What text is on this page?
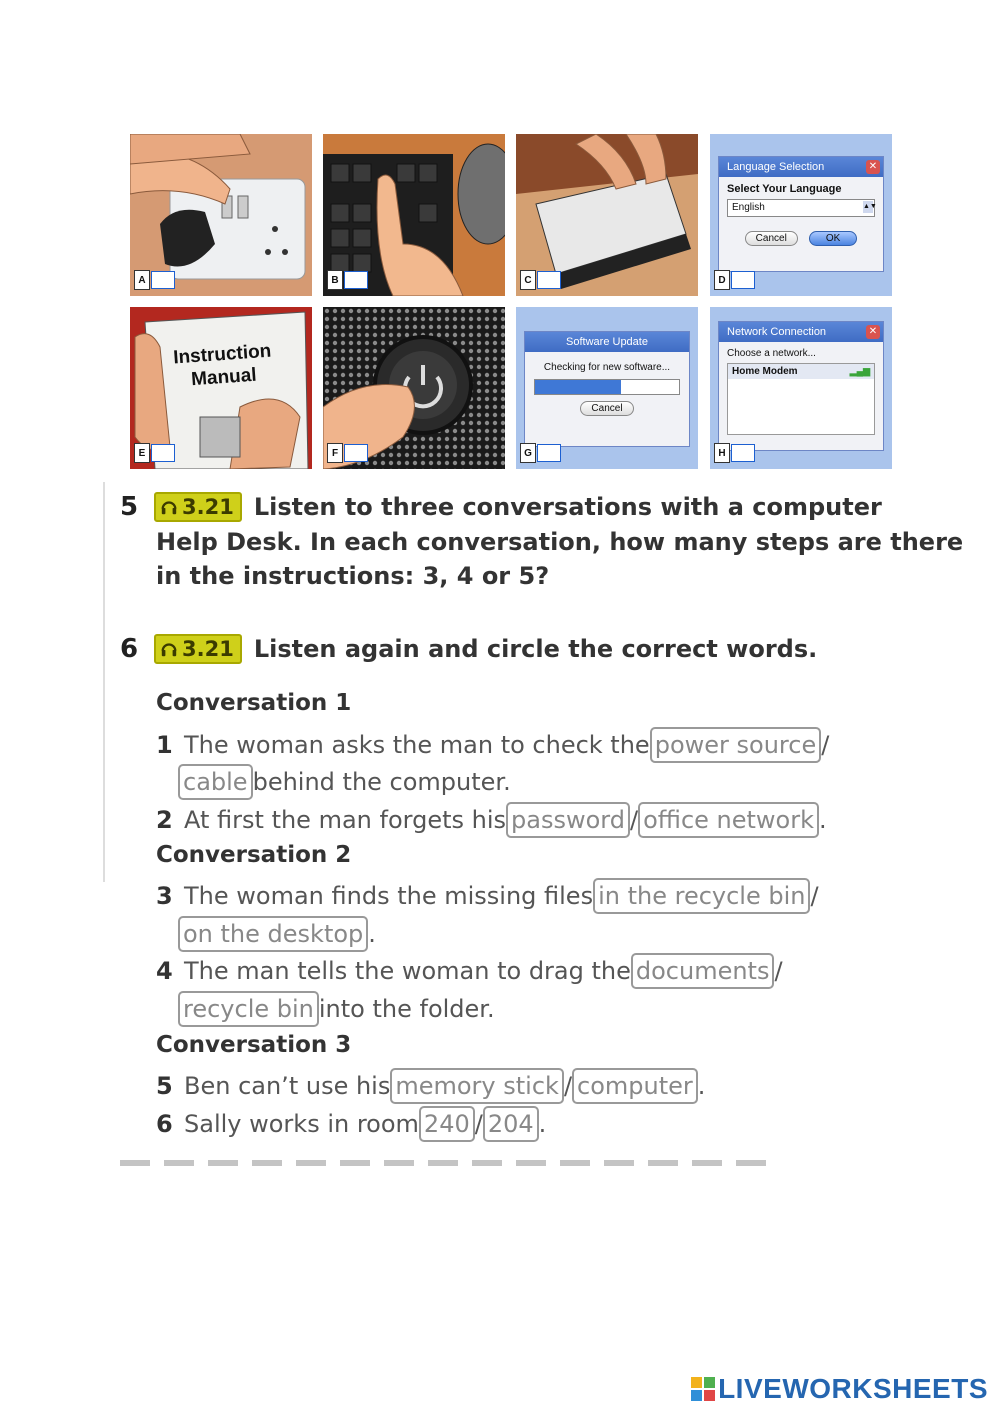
A	B	C
Language Selection	✕
Select Your Language
English	▲▼
Cancel	OK
D
Instruction
Manual
E	F
Software Update
Checking for new software...
Cancel
G
Network Connection	✕
Choose a network...
Home Modem	▂▄▆
H
5	3.21 Listen to three conversations with a computer
Help Desk. In each conversation, how many steps are there
in the instructions: 3, 4 or 5?
6	3.21 Listen again and circle the correct words.
Conversation 1
1 The woman asks the man to check the power source /
cable behind the computer.
2 At first the man forgets his password / office network .
Conversation 2
3 The woman finds the missing files in the recycle bin /
on the desktop .
4 The man tells the woman to drag the documents /
recycle bin into the folder.
Conversation 3
5 Ben can’t use his memory stick / computer .
6 Sally works in room 240 / 204 .
LIVEWORKSHEETS
